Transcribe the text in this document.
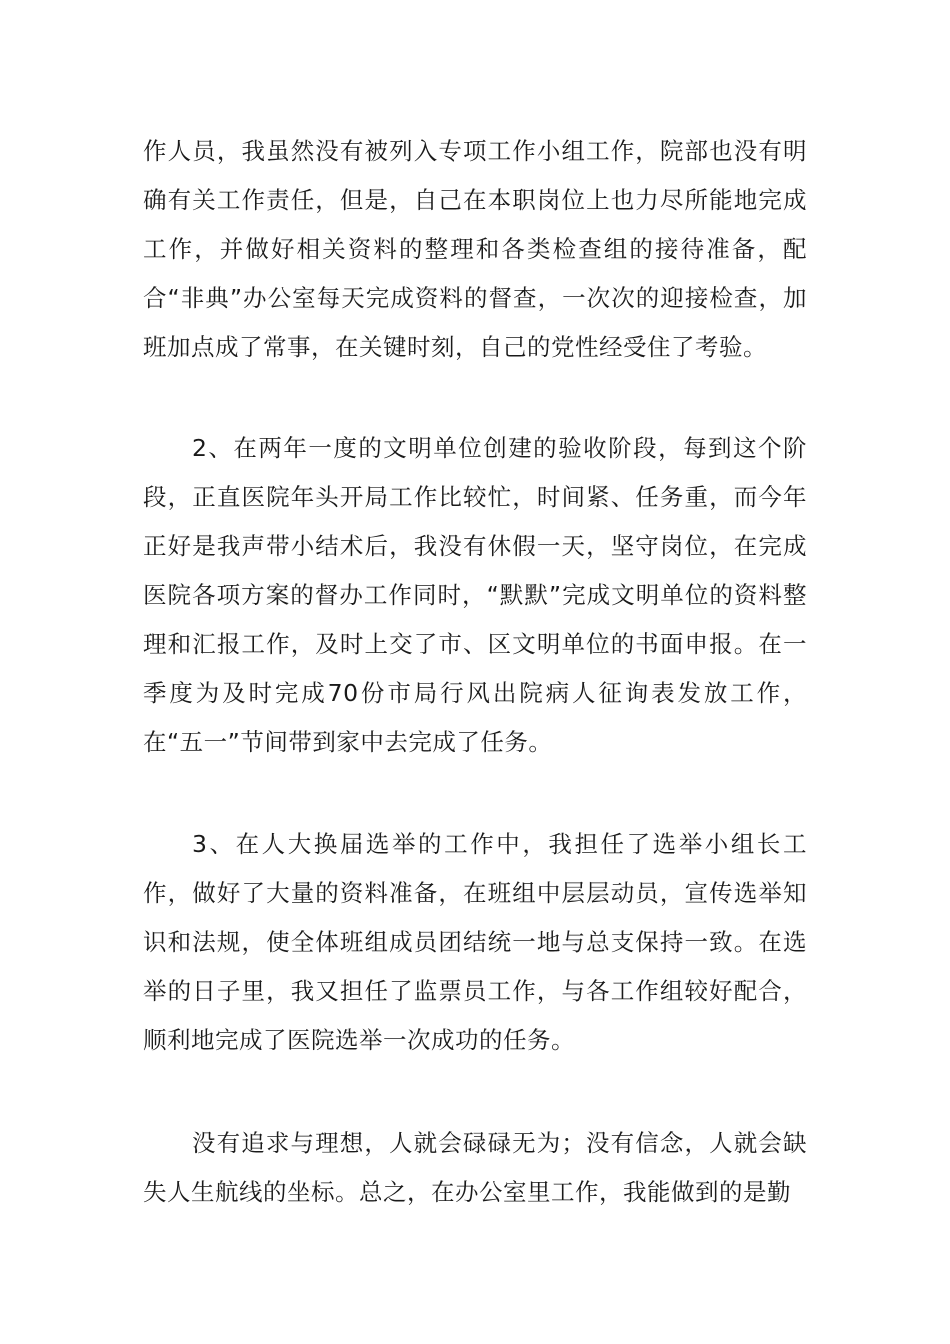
作人员，我虽然没有被列入专项工作小组工作，院部也没有明确有关工作责任，但是，自己在本职岗位上也力尽所能地完成工作，并做好相关资料的整理和各类检查组的接待准备，配合“非典”办公室每天完成资料的督查，一次次的迎接检查，加班加点成了常事，在关键时刻，自己的党性经受住了考验。

2、在两年一度的文明单位创建的验收阶段，每到这个阶段，正直医院年头开局工作比较忙，时间紧、任务重，而今年正好是我声带小结术后，我没有休假一天，坚守岗位，在完成医院各项方案的督办工作同时，“默默”完成文明单位的资料整理和汇报工作，及时上交了市、区文明单位的书面申报。在一季度为及时完成70份市局行风出院病人征询表发放工作，在“五一”节间带到家中去完成了任务。

3、在人大换届选举的工作中，我担任了选举小组长工作，做好了大量的资料准备，在班组中层层动员，宣传选举知识和法规，使全体班组成员团结统一地与总支保持一致。在选举的日子里，我又担任了监票员工作，与各工作组较好配合，顺利地完成了医院选举一次成功的任务。

没有追求与理想，人就会碌碌无为；没有信念，人就会缺失人生航线的坐标。总之，在办公室里工作，我能做到的是勤
